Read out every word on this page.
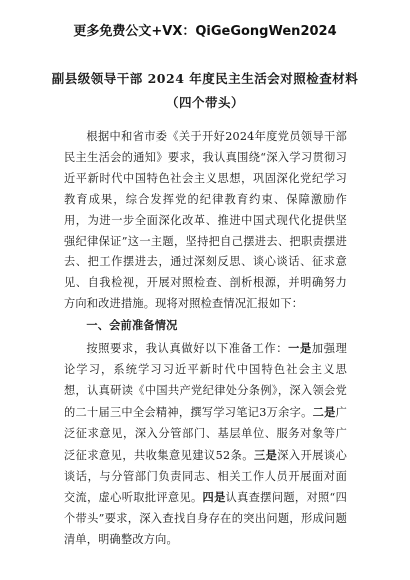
更多免费公文+VX：QiGeGongWen2024
副县级领导干部 2024 年度民主生活会对照检查材料（四个带头）

根据中和省市委《关于开好2024年度党员领导干部民主生活会的通知》要求，我认真围绕“深入学习贯彻习近平新时代中国特色社会主义思想，巩固深化党纪学习教育成果，综合发挥党的纪律教育约束、保障激励作用，为进一步全面深化改革、推进中国式现代化提供坚强纪律保证”这一主题，坚持把自己摆进去、把职责摆进去、把工作摆进去，通过深刻反思、谈心谈话、征求意见、自我检视，开展对照检查、剖析根源，并明确努力方向和改进措施。现将对照检查情况汇报如下：

一、会前准备情况

按照要求，我认真做好以下准备工作：一是加强理论学习，系统学习习近平新时代中国特色社会主义思想，认真研读《中国共产党纪律处分条例》，深入领会党的二十届三中全会精神，撰写学习笔记3万余字。二是广泛征求意见，深入分管部门、基层单位、服务对象等广泛征求意见，共收集意见建议52条。三是深入开展谈心谈话，与分管部门负责同志、相关工作人员开展面对面交流，虚心听取批评意见。四是认真查摆问题，对照“四个带头”要求，深入查找自身存在的突出问题，形成问题清单，明确整改方向。
